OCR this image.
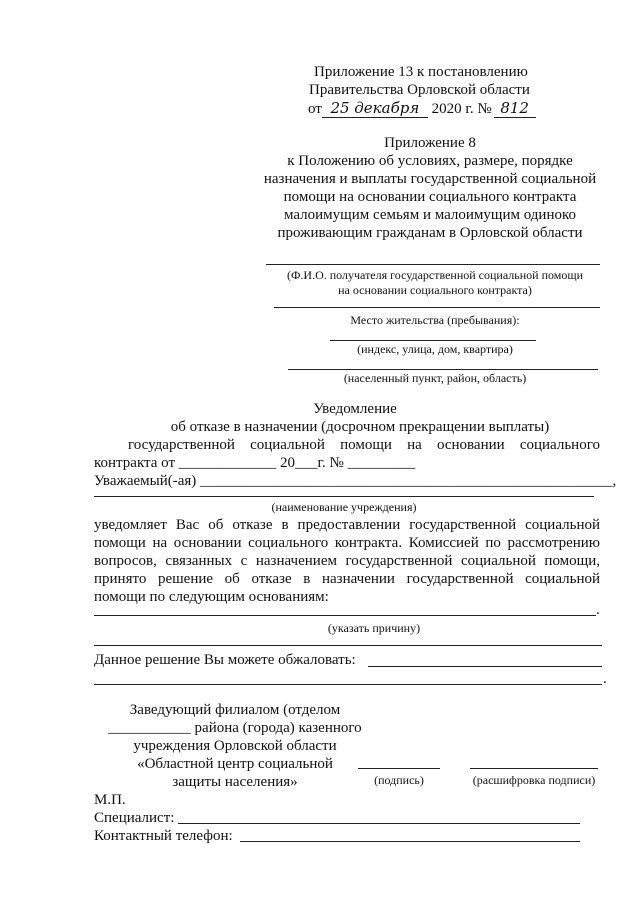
Приложение 13 к постановлению
Правительства Орловской области
от 25 декабря 2020 г. № 812
Приложение 8
к Положению об условиях, размере, порядке
назначения и выплаты государственной социальной
помощи на основании социального контракта
малоимущим семьям и малоимущим одиноко
проживающим гражданам в Орловской области
(Ф.И.О. получателя государственной социальной помощи
на основании социального контракта)
Место жительства (пребывания):
(индекс, улица, дом, квартира)
(населенный пункт, район, область)
Уведомление
об отказе в назначении (досрочном прекращении выплаты)
государственной социальной помощи на основании социального
контракта от _____________ 20___г. № _________
Уважаемый(-ая) _______________________________________________________,
(наименование учреждения)
уведомляет Вас об отказе в предоставлении государственной социальной
помощи на основании социального контракта. Комиссией по рассмотрению
вопросов, связанных с назначением государственной социальной помощи,
принято решение об отказе в назначении государственной социальной
помощи по следующим основаниям:
.
(указать причину)
Данное решение Вы можете обжаловать:
.
Заведующий филиалом (отделом
___________ района (города) казенного
учреждения Орловской области
«Областной центр социальной
защиты населения»	(подпись)	(расшифровка подписи)
М.П.
Специалист:
Контактный телефон:
